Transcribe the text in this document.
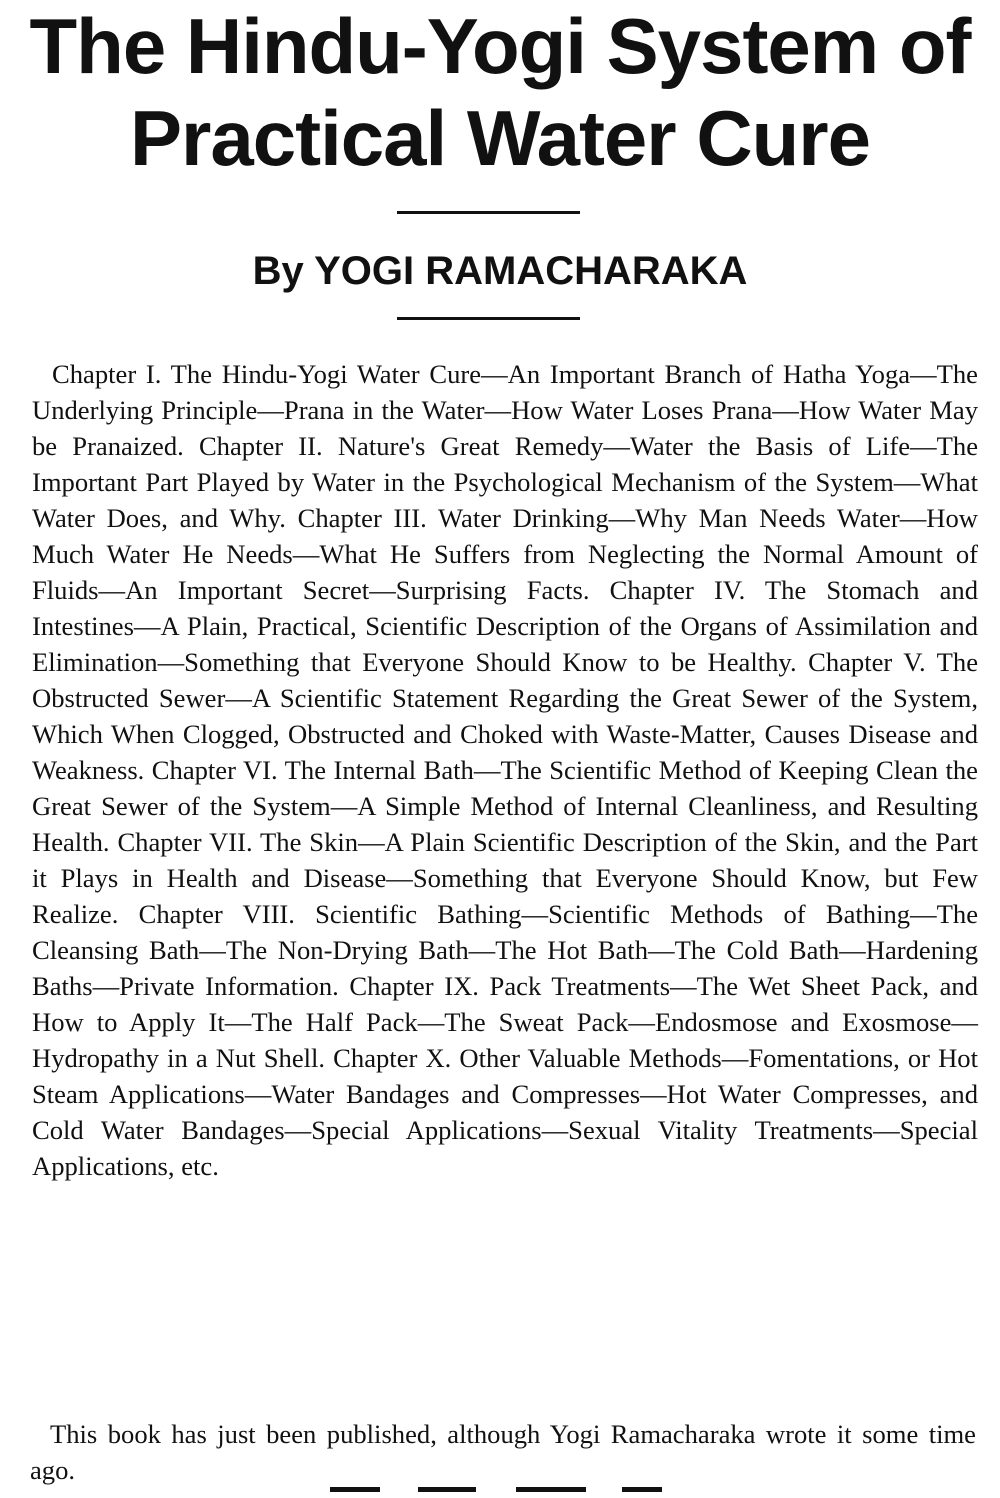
The Hindu-Yogi System of
Practical Water Cure
By YOGI RAMACHARAKA

Chapter I. The Hindu-Yogi Water Cure—An Important Branch of Hatha Yoga—The Underlying Principle—Prana in the Water—How Water Loses Prana—How Water May be Pranaized. Chapter II. Nature's Great Remedy—Water the Basis of Life—The Important Part Played by Water in the Psychological Mechanism of the System—What Water Does, and Why. Chapter III. Water Drinking—Why Man Needs Water—How Much Water He Needs—What He Suffers from Neglecting the Normal Amount of Fluids—An Important Secret—Surprising Facts. Chapter IV. The Stomach and Intestines—A Plain, Practical, Scientific Description of the Organs of Assimilation and Elimination—Something that Everyone Should Know to be Healthy. Chapter V. The Obstructed Sewer—A Scientific Statement Regarding the Great Sewer of the System, Which When Clogged, Obstructed and Choked with Waste-Matter, Causes Disease and Weakness. Chapter VI. The Internal Bath—The Scientific Method of Keeping Clean the Great Sewer of the System—A Simple Method of Internal Cleanliness, and Resulting Health. Chapter VII. The Skin—A Plain Scientific Description of the Skin, and the Part it Plays in Health and Disease—Something that Everyone Should Know, but Few Realize. Chapter VIII. Scientific Bathing—Scientific Methods of Bathing—The Cleansing Bath—The Non-Drying Bath—The Hot Bath—The Cold Bath—Hardening Baths—Private Information. Chapter IX. Pack Treatments—The Wet Sheet Pack, and How to Apply It—The Half Pack—The Sweat Pack—Endosmose and Exosmose—Hydropathy in a Nut Shell. Chapter X. Other Valuable Methods—Fomentations, or Hot Steam Applications—Water Bandages and Compresses—Hot Water Compresses, and Cold Water Bandages—Special Applications—Sexual Vitality Treatments—Special Applications, etc.

This book has just been published, although Yogi Ramacharaka wrote it some time ago.
